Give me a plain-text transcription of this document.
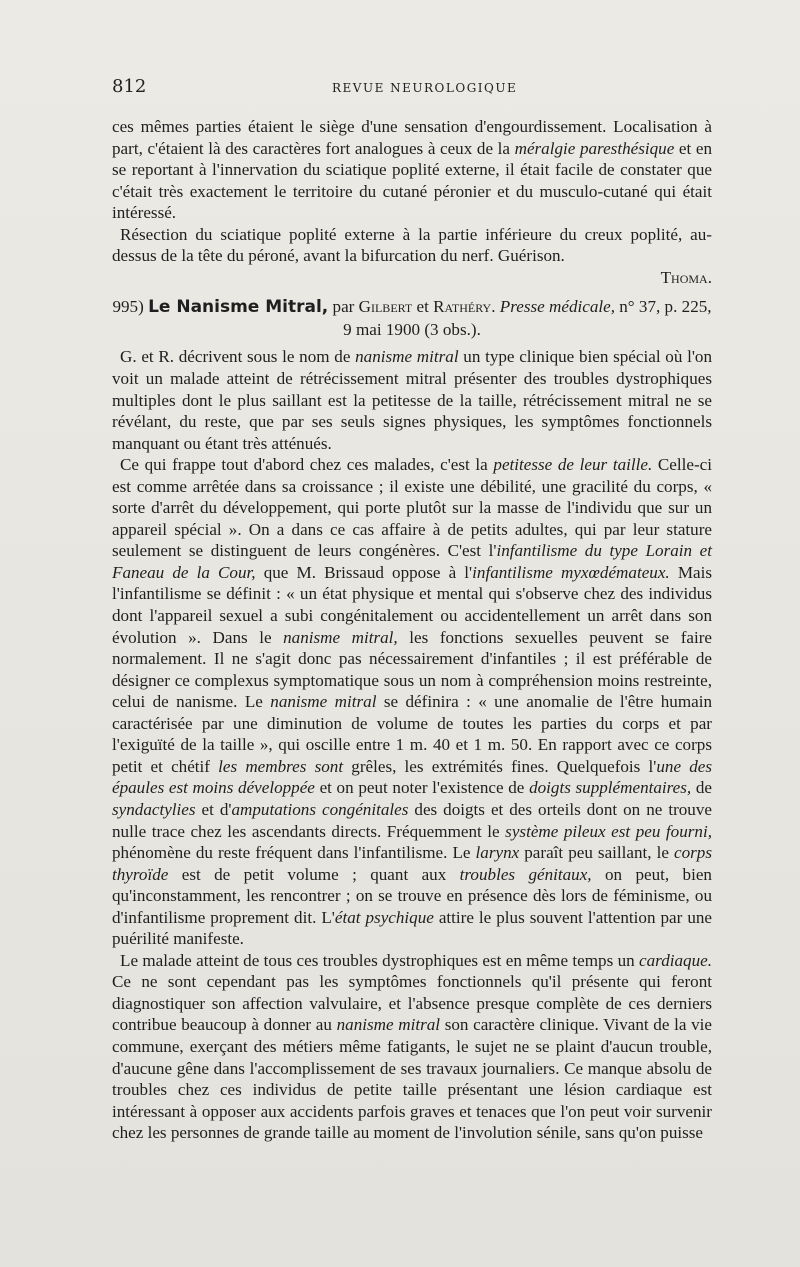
812	REVUE NEUROLOGIQUE

ces mêmes parties étaient le siège d'une sensation d'engourdissement. Localisation à part, c'étaient là des caractères fort analogues à ceux de la méralgie paresthésique et en se reportant à l'innervation du sciatique poplité externe, il était facile de constater que c'était très exactement le territoire du cutané péronier et du musculo-cutané qui était intéressé.

Résection du sciatique poplité externe à la partie inférieure du creux poplité, au-dessus de la tête du péroné, avant la bifurcation du nerf. Guérison.

Thoma.

995) Le Nanisme Mitral, par Gilbert et Rathéry. Presse médicale, n° 37, p. 225,
9 mai 1900 (3 obs.).

G. et R. décrivent sous le nom de nanisme mitral un type clinique bien spécial où l'on voit un malade atteint de rétrécissement mitral présenter des troubles dystrophiques multiples dont le plus saillant est la petitesse de la taille, rétrécissement mitral ne se révélant, du reste, que par ses seuls signes physiques, les symptômes fonctionnels manquant ou étant très atténués.

Ce qui frappe tout d'abord chez ces malades, c'est la petitesse de leur taille. Celle-ci est comme arrêtée dans sa croissance ; il existe une débilité, une gracilité du corps, « sorte d'arrêt du développement, qui porte plutôt sur la masse de l'individu que sur un appareil spécial ». On a dans ce cas affaire à de petits adultes, qui par leur stature seulement se distinguent de leurs congénères. C'est l'infantilisme du type Lorain et Faneau de la Cour, que M. Brissaud oppose à l'infantilisme myxœdémateux. Mais l'infantilisme se définit : « un état physique et mental qui s'observe chez des individus dont l'appareil sexuel a subi congénitalement ou accidentellement un arrêt dans son évolution ». Dans le nanisme mitral, les fonctions sexuelles peuvent se faire normalement. Il ne s'agit donc pas nécessairement d'infantiles ; il est préférable de désigner ce complexus symptomatique sous un nom à compréhension moins restreinte, celui de nanisme. Le nanisme mitral se définira : « une anomalie de l'être humain caractérisée par une diminution de volume de toutes les parties du corps et par l'exiguïté de la taille », qui oscille entre 1 m. 40 et 1 m. 50. En rapport avec ce corps petit et chétif les membres sont grêles, les extrémités fines. Quelquefois l'une des épaules est moins développée et on peut noter l'existence de doigts supplémentaires, de syndactylies et d'amputations congénitales des doigts et des orteils dont on ne trouve nulle trace chez les ascendants directs. Fréquemment le système pileux est peu fourni, phénomène du reste fréquent dans l'infantilisme. Le larynx paraît peu saillant, le corps thyroïde est de petit volume ; quant aux troubles génitaux, on peut, bien qu'inconstamment, les rencontrer ; on se trouve en présence dès lors de féminisme, ou d'infantilisme proprement dit. L'état psychique attire le plus souvent l'attention par une puérilité manifeste.

Le malade atteint de tous ces troubles dystrophiques est en même temps un cardiaque. Ce ne sont cependant pas les symptômes fonctionnels qu'il présente qui feront diagnostiquer son affection valvulaire, et l'absence presque complète de ces derniers contribue beaucoup à donner au nanisme mitral son caractère clinique. Vivant de la vie commune, exerçant des métiers même fatigants, le sujet ne se plaint d'aucun trouble, d'aucune gêne dans l'accomplissement de ses travaux journaliers. Ce manque absolu de troubles chez ces individus de petite taille présentant une lésion cardiaque est intéressant à opposer aux accidents parfois graves et tenaces que l'on peut voir survenir chez les personnes de grande taille au moment de l'involution sénile, sans qu'on puisse
